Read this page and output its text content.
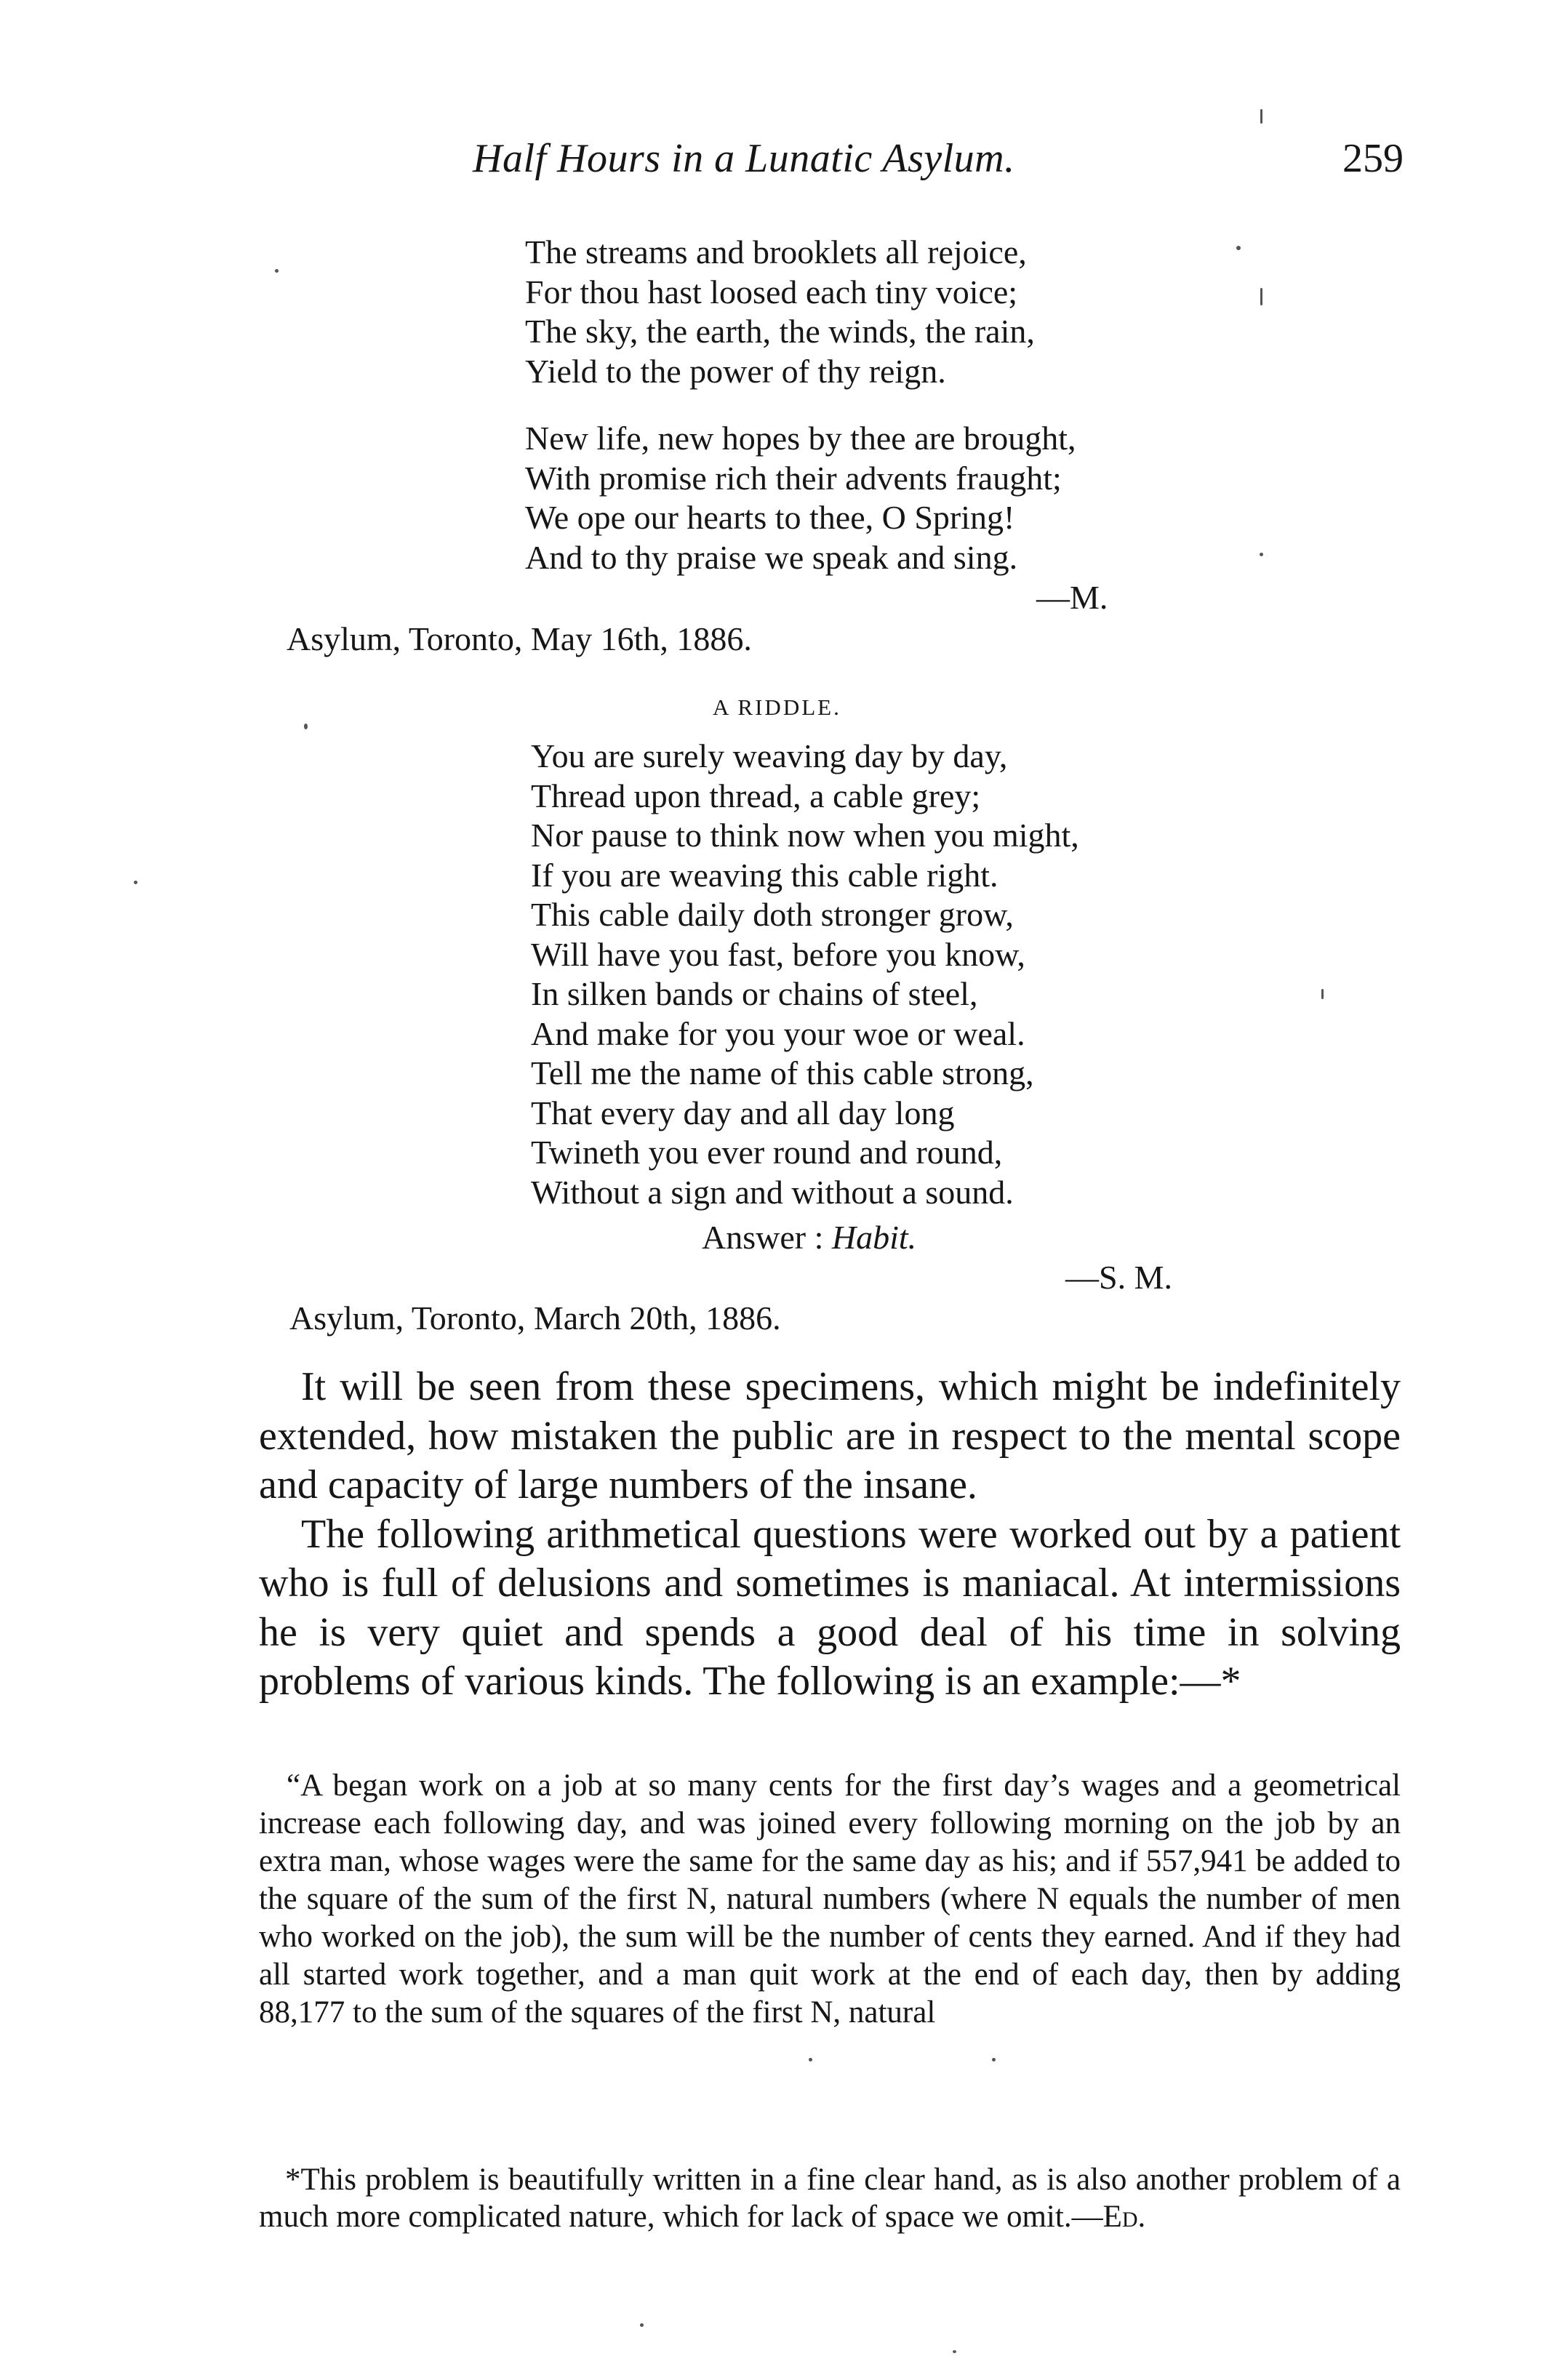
Half Hours in a Lunatic Asylum.	259
The streams and brooklets all rejoice,
For thou hast loosed each tiny voice;
The sky, the earth, the winds, the rain,
Yield to the power of thy reign.
New life, new hopes by thee are brought,
With promise rich their advents fraught;
We ope our hearts to thee, O Spring!
And to thy praise we speak and sing.
—M.
Asylum, Toronto, May 16th, 1886.
A RIDDLE.
You are surely weaving day by day,
Thread upon thread, a cable grey;
Nor pause to think now when you might,
If you are weaving this cable right.
This cable daily doth stronger grow,
Will have you fast, before you know,
In silken bands or chains of steel,
And make for you your woe or weal.
Tell me the name of this cable strong,
That every day and all day long
Twineth you ever round and round,
Without a sign and without a sound.
Answer : Habit.
—S. M.
Asylum, Toronto, March 20th, 1886.

It will be seen from these specimens, which might be indefinitely extended, how mistaken the public are in respect to the mental scope and capacity of large numbers of the insane.

The following arithmetical questions were worked out by a patient who is full of delusions and sometimes is maniacal. At intermissions he is very quiet and spends a good deal of his time in solving problems of various kinds. The following is an example:—*

“A began work on a job at so many cents for the first day’s wages and a geometrical increase each following day, and was joined every following morning on the job by an extra man, whose wages were the same for the same day as his; and if 557,941 be added to the square of the sum of the first N, natural numbers (where N equals the number of men who worked on the job), the sum will be the number of cents they earned. And if they had all started work together, and a man quit work at the end of each day, then by adding 88,177 to the sum of the squares of the first N, natural

*This problem is beautifully written in a fine clear hand, as is also another problem of a much more complicated nature, which for lack of space we omit.—Ed.
